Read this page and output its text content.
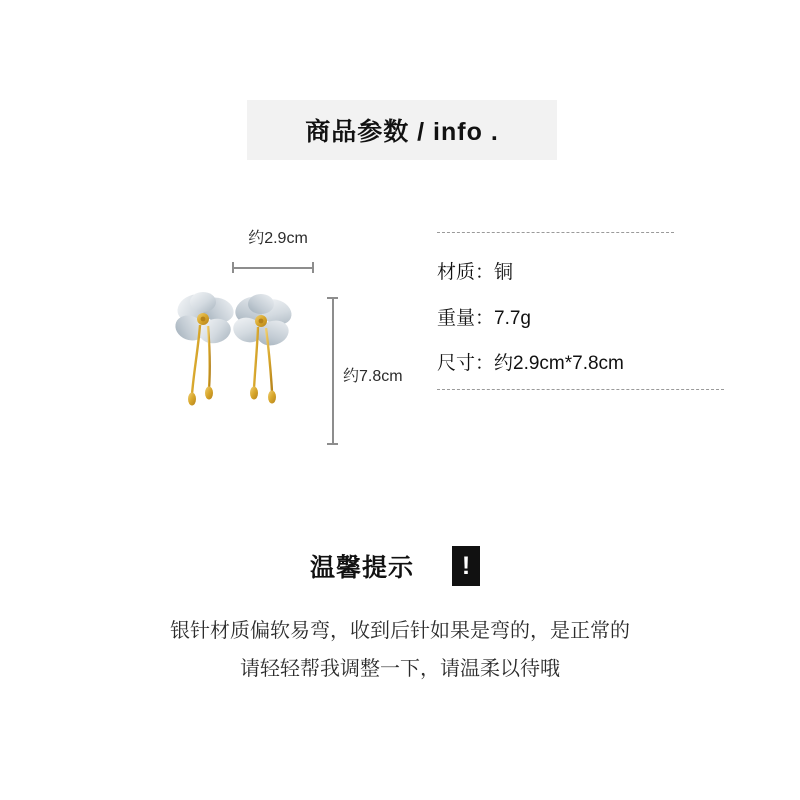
商品参数 / info .
约2.9cm
约7.8cm
材质：铜
重量：7.7g
尺寸：约2.9cm*7.8cm
温馨提示	!
银针材质偏软易弯，收到后针如果是弯的，是正常的
请轻轻帮我调整一下，请温柔以待哦
